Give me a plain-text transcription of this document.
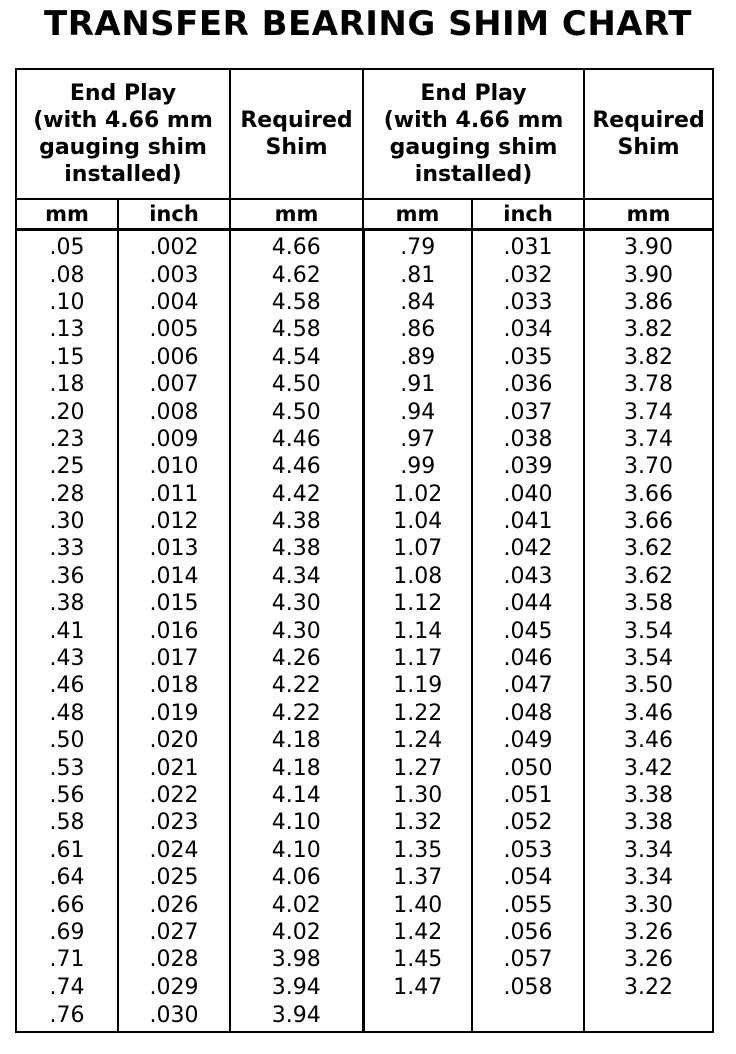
TRANSFER BEARING SHIM CHART
End Play
(with 4.66 mm
gauging shim
installed)		Required
Shim	End Play
(with 4.66 mm
gauging shim
installed)		Required
Shim
mm	inch	mm	mm	inch	mm
.05	.002	4.66	.79	.031	3.90
.08	.003	4.62	.81	.032	3.90
.10	.004	4.58	.84	.033	3.86
.13	.005	4.58	.86	.034	3.82
.15	.006	4.54	.89	.035	3.82
.18	.007	4.50	.91	.036	3.78
.20	.008	4.50	.94	.037	3.74
.23	.009	4.46	.97	.038	3.74
.25	.010	4.46	.99	.039	3.70
.28	.011	4.42	1.02	.040	3.66
.30	.012	4.38	1.04	.041	3.66
.33	.013	4.38	1.07	.042	3.62
.36	.014	4.34	1.08	.043	3.62
.38	.015	4.30	1.12	.044	3.58
.41	.016	4.30	1.14	.045	3.54
.43	.017	4.26	1.17	.046	3.54
.46	.018	4.22	1.19	.047	3.50
.48	.019	4.22	1.22	.048	3.46
.50	.020	4.18	1.24	.049	3.46
.53	.021	4.18	1.27	.050	3.42
.56	.022	4.14	1.30	.051	3.38
.58	.023	4.10	1.32	.052	3.38
.61	.024	4.10	1.35	.053	3.34
.64	.025	4.06	1.37	.054	3.34
.66	.026	4.02	1.40	.055	3.30
.69	.027	4.02	1.42	.056	3.26
.71	.028	3.98	1.45	.057	3.26
.74	.029	3.94	1.47	.058	3.22
.76	.030	3.94			
